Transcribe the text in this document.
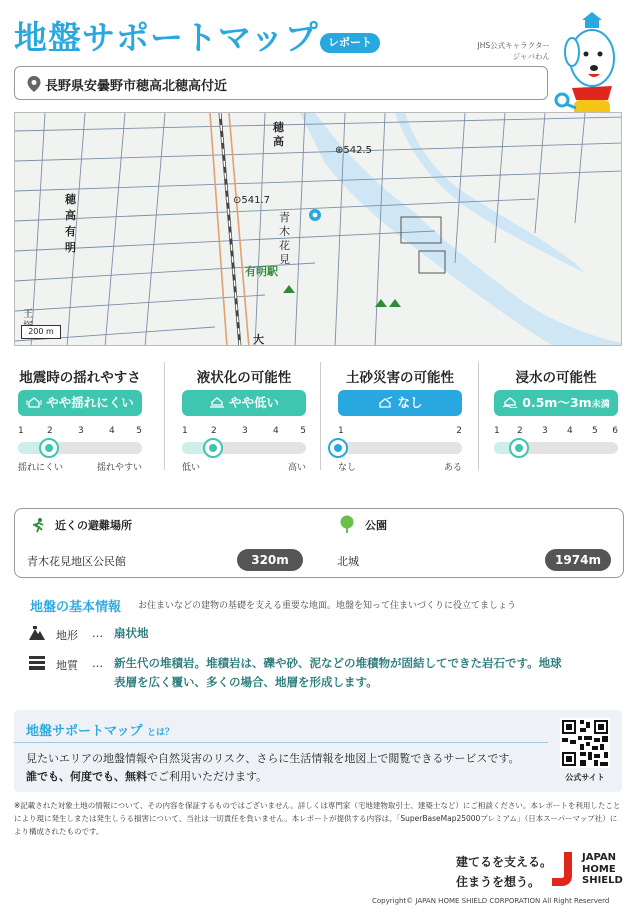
地盤サポートマップ レポート	JHS公式キャラクター
ジャバわん
長野県安曇野市穂高北穂高付近
穂
高
⊕542.5
⊙541.7
穂
高
有
明
青
木
花
見
有明駅
大
王
200 m
地震時の揺れやすさ
やや揺れにくい
1	2	3	4 5
揺れにくい	揺れやすい
液状化の可能性
やや低い
1	2	3	4 5
低い	高い
土砂災害の可能性
なし
1	2
なし	ある
浸水の可能性
0.5m〜3m未満
1 2 3 4 5 6
近くの避難場所
青木花見地区公民館	320m
公園
北城	1974m
地盤の基本情報 お住まいなどの建物の基礎を支える重要な地面。地盤を知って住まいづくりに役立てましょう
地形 … 扇状地
地質 … 新生代の堆積岩。堆積岩は、礫や砂、泥などの堆積物が固結してできた岩石です。地球
表層を広く覆い、多くの場合、地層を形成します。
地盤サポートマップ とは？
見たいエリアの地盤情報や自然災害のリスク、さらに生活情報を地図上で閲覧できるサービスです。
誰でも、何度でも、無料でご利用いただけます。	公式サイト
※記載された対象土地の情報について、その内容を保証するものではございません。詳しくは専門家（宅地建物取引士、建築士など）にご相談ください。本レポートを利用したことにより現に発生しまたは発生しうる損害について、当社は一切責任を負いません。本レポートが提供する内容は、「SuperBaseMap25000プレミアム」（日本スーパーマップ社）により構成されたものです。
建てるを支える。
住まうを想う。
JAPAN
HOME
SHIELD
Copyright© JAPAN HOME SHIELD CORPORATION All Right Reserverd
